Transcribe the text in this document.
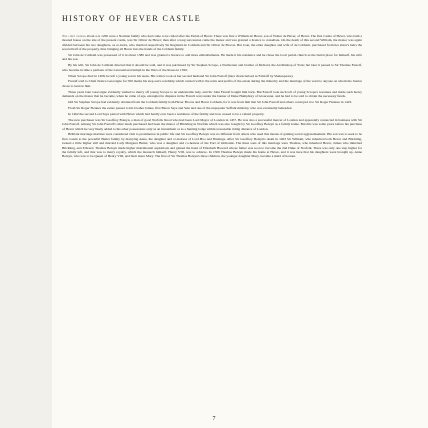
HISTORY OF HEVER CASTLE

The chief owners about a.d. 1200 were a Norman family who had come to be called after the Parish of Hever. There was first a William de Hever, son of Walter de Hever, of Hever. The first Castle of Hever, who built a moated house on the site of the present castle, was Sir Oliver de Hever; then after a long succession came the manor and was granted a licence to crenellate. On the death of this second William, the manor was again divided between his two daughters, as co-heirs, who married respectively Sir Reginald de Cobham and Sir Oliver de Brocas. But Joan, the elder daughter and wife of de Cobham, purchased from her sister's heirs the second half of the property, thus bringing all Hever into the hands of the Cobham family.

Sir John de Cobham was possessed of it in about 1380 and was granted a licence to add more embattlements. He made it his residence and he chose the local parish church as the burial place for himself, his wife and his son.

By his will, Sir John de Cobham directed that it should be sold, and it was purchased by Sir Stephen Scrope, a Northerner and brother of Richard, the Archbishop of York; but later it passed to Sir Thomas Fastolf, who became in time a partisan of the Lancastrian triumph in the Wars of the Roses in 1399.

When Scrope died in 1408, he left a young son in his teens. His widow took as her second husband Sir John Fastolf (later characterised as Falstaff by Shakespeare).

Fastolf sold to Chief Justice Gascoigne for 500 marks his step-son's wardship which carried with it the rents and profits of the estate during the minority and the marriage of the ward to anyone on whom the Justice chose to bestow him.

Three years later Gascoigne evidently wished to marry off young Scrope to an undesirable lady, and Sir John Fastolf bought him back. But Fastolf took such toll of young Scrope's revenues and made such heavy demands on the manor that he became, when he came of age, entangled in disputes in the French wars under the banner of Duke Humphrey of Gloucester, and he had to be sold to obtain the necessary funds.

Old Sir Stephen Scrope had evidently obtained from the Cobham family both Hever Brocas and Hever Cobham, for it was from him that Sir John Fastolf and others conveyed it to Sir Roger Fiennes in 1423.

From Sir Roger Fiennes the estate passed to his brother James, first Baron Saye and Sele and one of the unpopular Suffolk ministry, who was eventually beheaded.

In 1462 the second Lord Saye parted with Hever which had hardly ever been a residence of the family and now ceased to be a valued property.

The new purchaser was Sir Geoffrey Boleyn, a man of good Norfolk blood who had been Lord Mayor of London in 1457. He was also a successful mercer of London and apparently connected in business with Sir John Fastolf. Among Sir John Fastolf's other lands purchased had been the manor of Blickling in Norfolk which was also bought by Sir Geoffrey Boleyn as a family home. But this was some years before his purchase of Hever which he very likely added to his other possessions only as an investment or as a hunting lodge within reasonable riding distance of London.

Brilliant marriage matches were considered vital to prominence in public life and Sir Geoffrey Boleyn was no different from others who used this means of gaining social aggrandisement. His son was to seek to be first cousin to the powerful Butler family by marrying Anne, the daughter and co-heiress of Lord Hoo and Hastings. After Sir Geoffrey Boleyn's death in 1463 Sir William, who inherited both Hever and Blickling, looked a little higher still and married Lady Margaret Butler, who was a daughter and co-heiress of the Earl of Ormonde. The three sons of this marriage were Thomas, who inherited Hever, James who inherited Blickling, and Edward. Thomas Boleyn made higher matrimonial aspirations and gained the hand of Elizabeth Howard whose father was soon to become the 2nd Duke of Norfolk. There was only one step higher for the family left, and that was to marry royalty, which the monarch himself, Henry VIII, was to achieve. In 1509 Thomas Boleyn made his home at Hever, and it was here that his daughters were brought up, Anne Boleyn, who was to be Queen of Henry VIII, and their sister Mary. The first of Sir Thomas Boleyn's three children, the younger daughter Mary, became a maid of honour.

7
